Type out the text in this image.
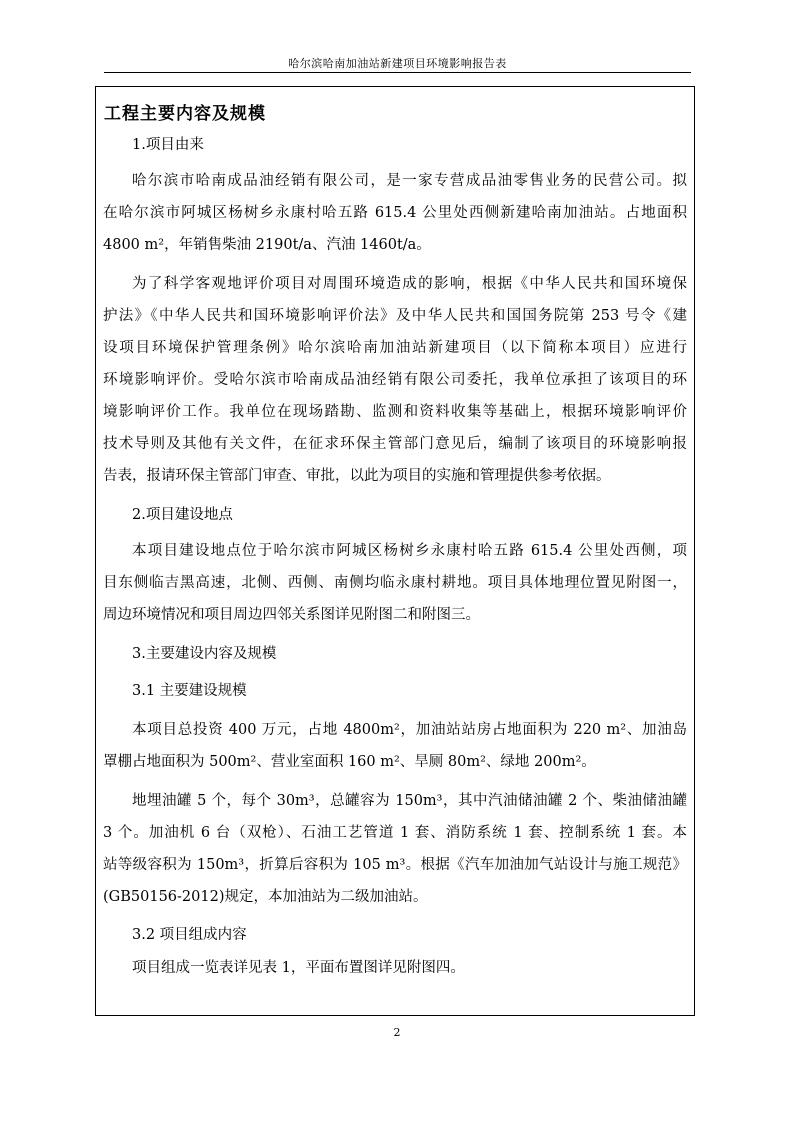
哈尔滨哈南加油站新建项目环境影响报告表
工程主要内容及规模
1.项目由来
哈尔滨市哈南成品油经销有限公司，是一家专营成品油零售业务的民营公司。拟
在哈尔滨市阿城区杨树乡永康村哈五路 615.4 公里处西侧新建哈南加油站。占地面积
4800 m²，年销售柴油 2190t/a、汽油 1460t/a。
为了科学客观地评价项目对周围环境造成的影响，根据《中华人民共和国环境保
护法》《中华人民共和国环境影响评价法》及中华人民共和国国务院第 253 号令《建
设项目环境保护管理条例》哈尔滨哈南加油站新建项目（以下简称本项目）应进行
环境影响评价。受哈尔滨市哈南成品油经销有限公司委托，我单位承担了该项目的环
境影响评价工作。我单位在现场踏勘、监测和资料收集等基础上，根据环境影响评价
技术导则及其他有关文件，在征求环保主管部门意见后，编制了该项目的环境影响报
告表，报请环保主管部门审查、审批，以此为项目的实施和管理提供参考依据。
2.项目建设地点
本项目建设地点位于哈尔滨市阿城区杨树乡永康村哈五路 615.4 公里处西侧，项
目东侧临吉黑高速，北侧、西侧、南侧均临永康村耕地。项目具体地理位置见附图一，
周边环境情况和项目周边四邻关系图详见附图二和附图三。
3.主要建设内容及规模
3.1 主要建设规模
本项目总投资 400 万元，占地 4800m²，加油站站房占地面积为 220 m²、加油岛
罩棚占地面积为 500m²、营业室面积 160 m²、旱厕 80m²、绿地 200m²。
地埋油罐 5 个，每个 30m³，总罐容为 150m³，其中汽油储油罐 2 个、柴油储油罐
3 个。加油机 6 台（双枪）、石油工艺管道 1 套、消防系统 1 套、控制系统 1 套。本
站等级容积为 150m³，折算后容积为 105 m³。根据《汽车加油加气站设计与施工规范》
(GB50156-2012)规定，本加油站为二级加油站。
3.2 项目组成内容
项目组成一览表详见表 1，平面布置图详见附图四。
2
